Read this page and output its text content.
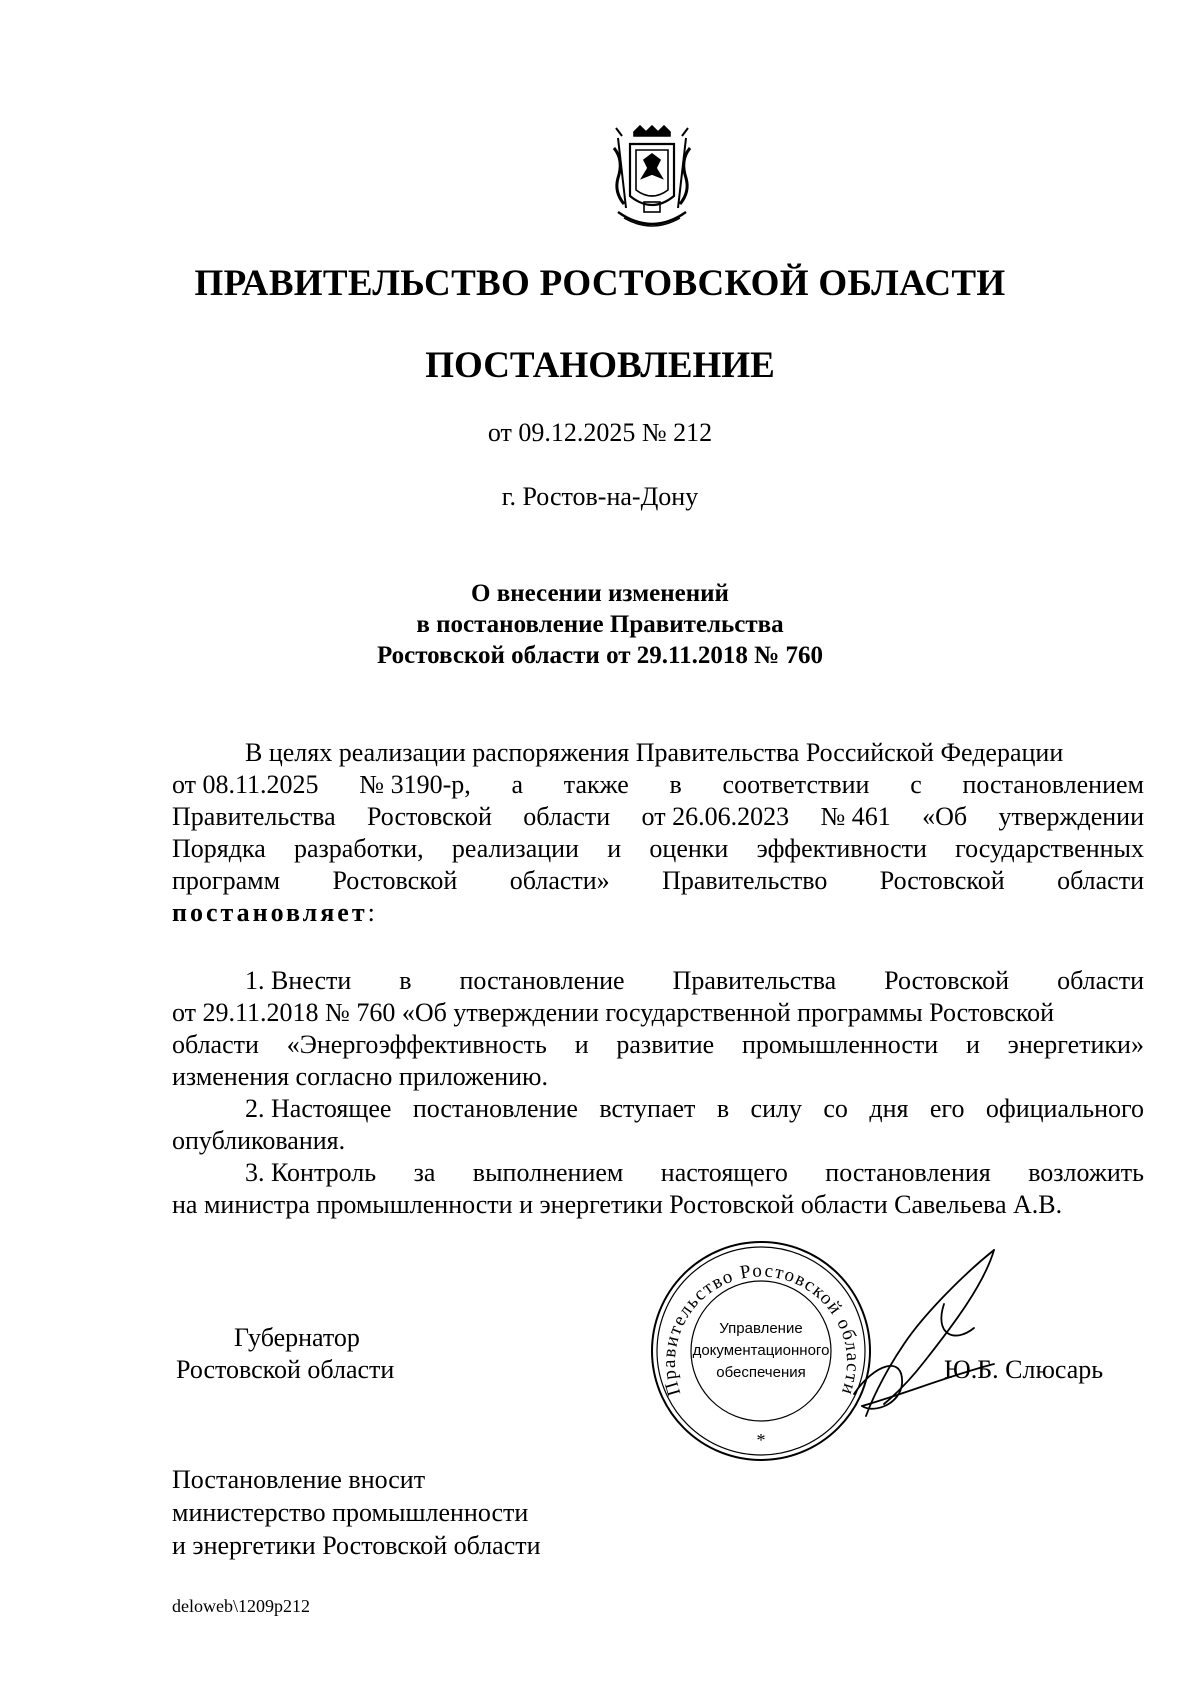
ПРАВИТЕЛЬСТВО РОСТОВСКОЙ ОБЛАСТИ
ПОСТАНОВЛЕНИЕ
от 09.12.2025 № 212
г. Ростов-на-Дону
О внесении изменений
в постановление Правительства
Ростовской области от 29.11.2018 № 760
В целях реализации распоряжения Правительства Российской Федерации
от 08.11.2025 № 3190-р, а также в соответствии с постановлением
Правительства Ростовской области от 26.06.2023 № 461 «Об утверждении
Порядка разработки, реализации и оценки эффективности государственных
программ Ростовской области» Правительство Ростовской области
постановляет:
1. Внести в постановление Правительства Ростовской области
от 29.11.2018 № 760 «Об утверждении государственной программы Ростовской
области «Энергоэффективность и развитие промышленности и энергетики»
изменения согласно приложению.
2. Настоящее постановление вступает в силу со дня его официального
опубликования.
3. Контроль за выполнением настоящего постановления возложить
на министра промышленности и энергетики Ростовской области Савельева А.В.
Губернатор
Ростовской области
Правительство Ростовской области
Управление
документационного
обеспечения
*
Ю.Б. Слюсарь
Постановление вносит
министерство промышленности
и энергетики Ростовской области
deloweb\1209p212
